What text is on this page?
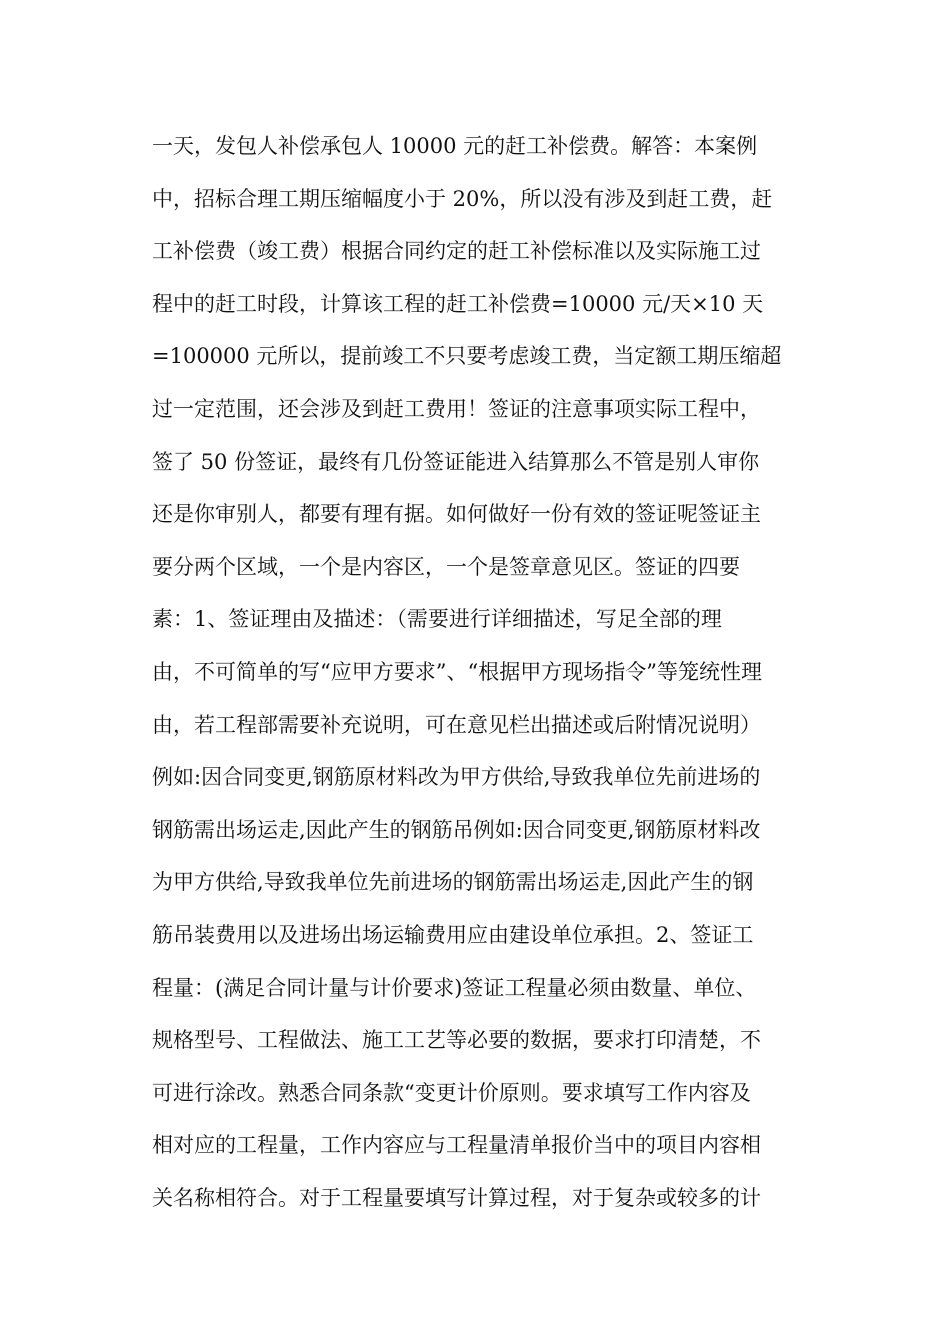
一天，发包人补偿承包人 10000 元的赶工补偿费。解答：本案例
中，招标合理工期压缩幅度小于 20%，所以没有涉及到赶工费，赶
工补偿费（竣工费）根据合同约定的赶工补偿标准以及实际施工过
程中的赶工时段，计算该工程的赶工补偿费=10000 元/天×10 天
=100000 元所以，提前竣工不只要考虑竣工费，当定额工期压缩超
过一定范围，还会涉及到赶工费用！签证的注意事项实际工程中，
签了 50 份签证，最终有几份签证能进入结算那么不管是别人审你
还是你审别人，都要有理有据。如何做好一份有效的签证呢签证主
要分两个区域，一个是内容区，一个是签章意见区。签证的四要
素：1、签证理由及描述：（需要进行详细描述，写足全部的理
由，不可简单的写“应甲方要求”、“根据甲方现场指令”等笼统性理
由，若工程部需要补充说明，可在意见栏出描述或后附情况说明）
例如:因合同变更,钢筋原材料改为甲方供给,导致我单位先前进场的
钢筋需出场运走,因此产生的钢筋吊例如:因合同变更,钢筋原材料改
为甲方供给,导致我单位先前进场的钢筋需出场运走,因此产生的钢
筋吊装费用以及进场出场运输费用应由建设单位承担。2、签证工
程量：(满足合同计量与计价要求)签证工程量必须由数量、单位、
规格型号、工程做法、施工工艺等必要的数据，要求打印清楚，不
可进行涂改。熟悉合同条款“变更计价原则。要求填写工作内容及
相对应的工程量，工作内容应与工程量清单报价当中的项目内容相
关名称相符合。对于工程量要填写计算过程，对于复杂或较多的计
